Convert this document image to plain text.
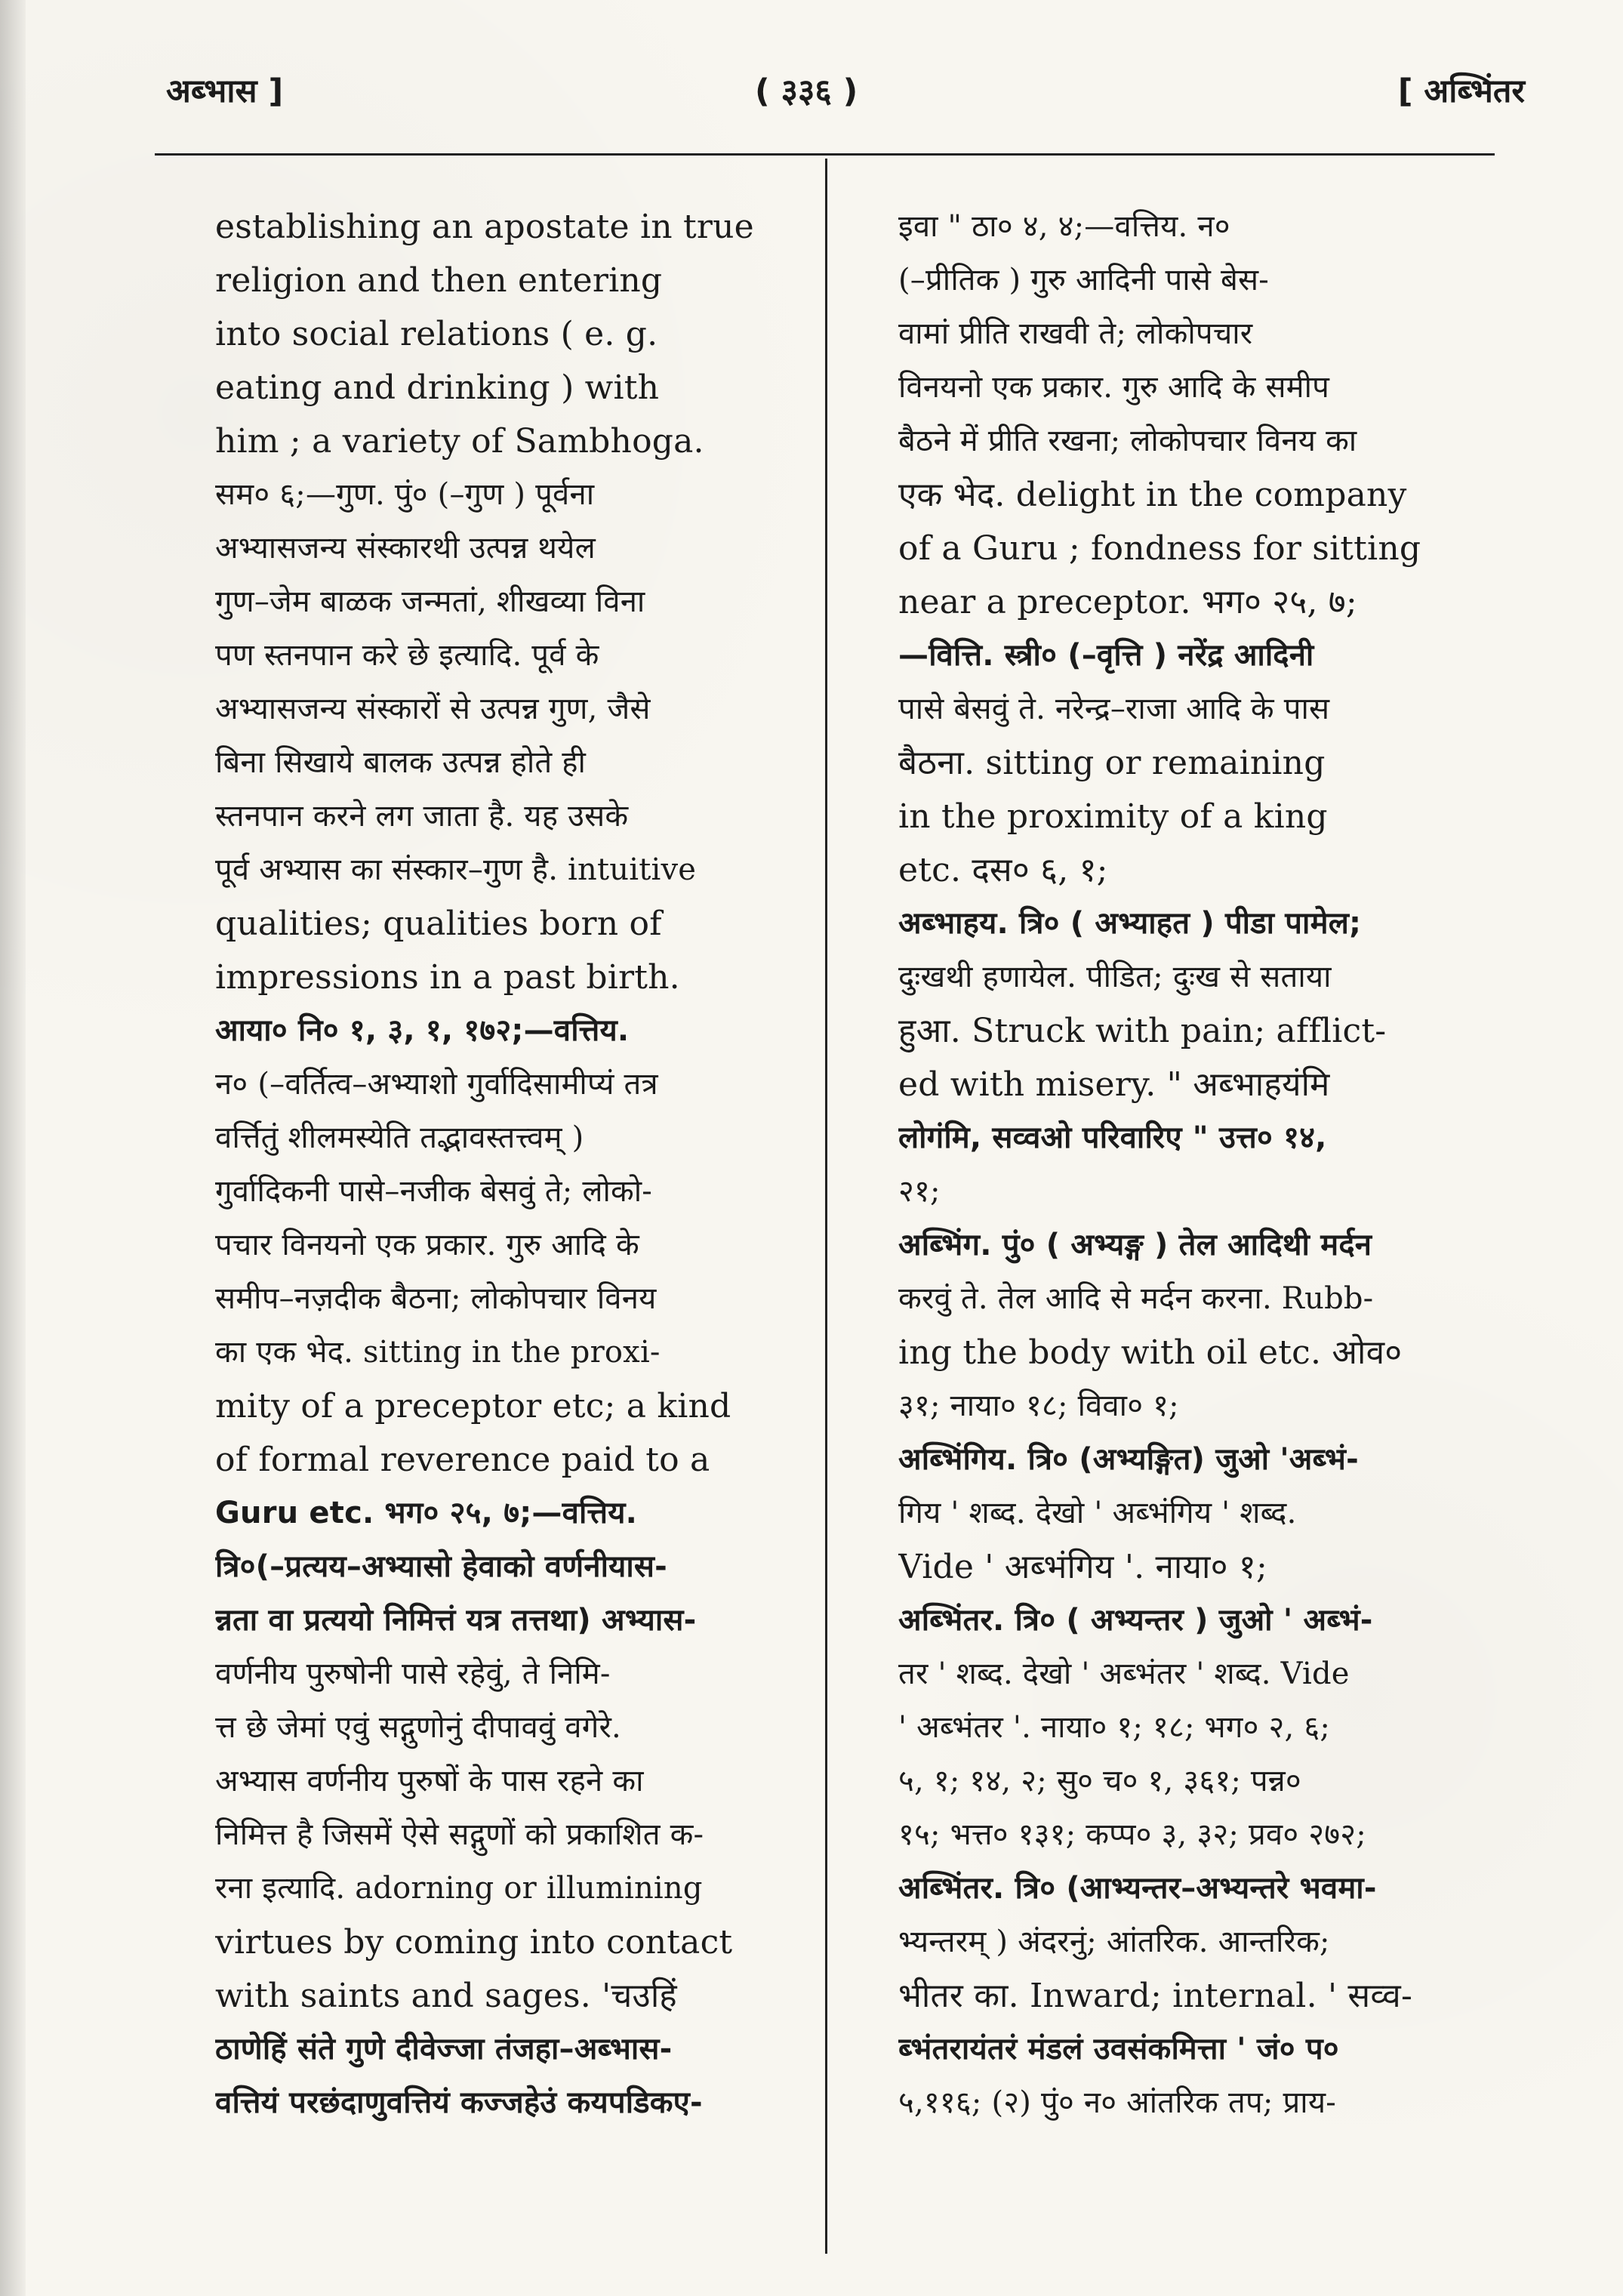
अब्भास ]	( ३३६ )	[ अब्भिंतर
establishing an apostate in true
religion and then entering
into social relations ( e. g.
eating and drinking ) with
him ; a variety of Sambhoga.
सम० ६;—गुण. पुं० (–गुण ) पूर्वना
अभ्यासजन्य संस्कारथी उत्पन्न थयेल
गुण–जेम बाळक जन्मतां, शीखव्या विना
पण स्तनपान करे छे इत्यादि. पूर्व के
अभ्यासजन्य संस्कारों से उत्पन्न गुण, जैसे
बिना सिखाये बालक उत्पन्न होते ही
स्तनपान करने लग जाता है. यह उसके
पूर्व अभ्यास का संस्कार–गुण है. intuitive
qualities; qualities born of
impressions in a past birth.
आया० नि० १, ३, १, १७२;—वत्तिय.
न० (–वर्तित्व–अभ्याशो गुर्वादिसामीप्यं तत्र
वर्त्तितुं शीलमस्येति तद्भावस्तत्त्वम् )
गुर्वादिकनी पासे–नजीक बेसवुं ते; लोको-
पचार विनयनो एक प्रकार. गुरु आदि के
समीप–नज़दीक बैठना; लोकोपचार विनय
का एक भेद. sitting in the proxi-
mity of a preceptor etc; a kind
of formal reverence paid to a
Guru etc. भग० २५, ७;—वत्तिय.
त्रि०(–प्रत्यय–अभ्यासो हेवाको वर्णनीयास-
न्नता वा प्रत्ययो निमित्तं यत्र तत्तथा) अभ्यास-
वर्णनीय पुरुषोनी पासे रहेवुं, ते निमि-
त्त छे जेमां एवुं सद्गुणोनुं दीपाववुं वगेरे.
अभ्यास वर्णनीय पुरुषों के पास रहने का
निमित्त है जिसमें ऐसे सद्गुणों को प्रकाशित क-
रना इत्यादि. adorning or illumining
virtues by coming into contact
with saints and sages. 'चउहिं
ठाणेहिं संते गुणे दीवेज्जा तंजहा–अब्भास-
वत्तियं परछंदाणुवत्तियं कज्जहेउं कयपडिकए-
इवा " ठा० ४, ४;—वत्तिय. न०
(–प्रीतिक ) गुरु आदिनी पासे बेस-
वामां प्रीति राखवी ते; लोकोपचार
विनयनो एक प्रकार. गुरु आदि के समीप
बैठने में प्रीति रखना; लोकोपचार विनय का
एक भेद. delight in the company
of a Guru ; fondness for sitting
near a preceptor. भग० २५, ७;
—वित्ति. स्त्री० (–वृत्ति ) नरेंद्र आदिनी
पासे बेसवुं ते. नरेन्द्र–राजा आदि के पास
बैठना. sitting or remaining
in the proximity of a king
etc. दस० ६, १;
अब्भाहय. त्रि० ( अभ्याहत ) पीडा पामेल;
दुःखथी हणायेल. पीडित; दुःख से सताया
हुआ. Struck with pain; afflict-
ed with misery. " अब्भाहयंमि
लोगंमि, सव्वओ परिवारिए " उत्त० १४,
२१;
अब्भिंग. पुं० ( अभ्यङ्ग ) तेल आदिथी मर्दन
करवुं ते. तेल आदि से मर्दन करना. Rubb-
ing the body with oil etc. ओव०
३१; नाया० १८; विवा० १;
अब्भिंगिय. त्रि० (अभ्यङ्गित) जुओ 'अब्भं-
गिय ' शब्द. देखो ' अब्भंगिय ' शब्द.
Vide ' अब्भंगिय '. नाया० १;
अब्भिंतर. त्रि० ( अभ्यन्तर ) जुओ ' अब्भं-
तर ' शब्द. देखो ' अब्भंतर ' शब्द. Vide
' अब्भंतर '. नाया० १; १८; भग० २, ६;
५, १; १४, २; सु० च० १, ३६१; पन्न०
१५; भत्त० १३१; कप्प० ३, ३२; प्रव० २७२;
अब्भिंतर. त्रि० (आभ्यन्तर–अभ्यन्तरे भवमा-
भ्यन्तरम् ) अंदरनुं; आंतरिक. आन्तरिक;
भीतर का. Inward; internal. ' सव्व-
ब्भंतरायंतरं मंडलं उवसंकमित्ता ' जं० प०
५,११६; (२) पुं० न० आंतरिक तप; प्राय-
